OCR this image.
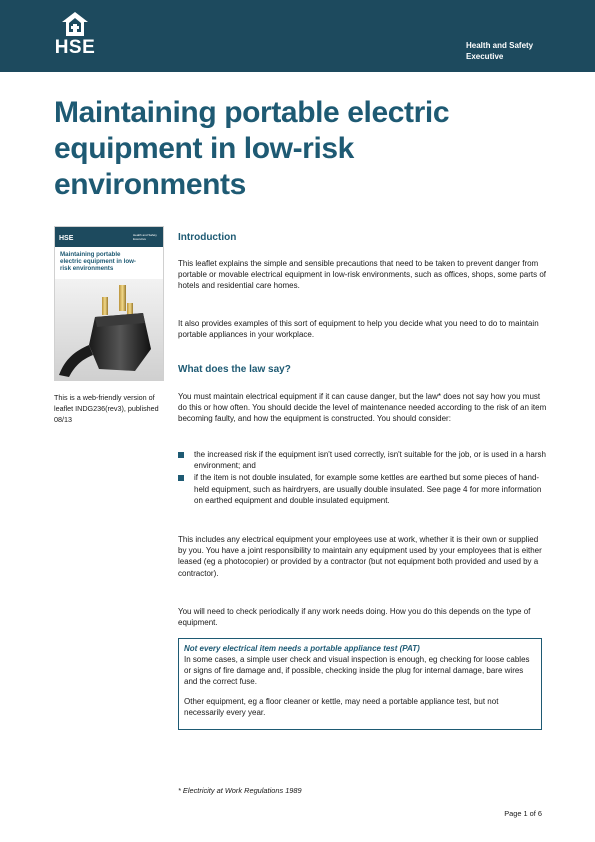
HSE	Health and Safety
Executive
Maintaining portable electric
equipment in low-risk
environments
HSE	Health and Safety Executive
Maintaining portable electric equipment in low-risk environments
This is a web-friendly version of leaflet INDG236(rev3), published 08/13
Introduction

This leaflet explains the simple and sensible precautions that need to be taken to prevent danger from portable or movable electrical equipment in low-risk environments, such as offices, shops, some parts of hotels and residential care homes.

It also provides examples of this sort of equipment to help you decide what you need to do to maintain portable appliances in your workplace.

What does the law say?

You must maintain electrical equipment if it can cause danger, but the law* does not say how you must do this or how often. You should decide the level of maintenance needed according to the risk of an item becoming faulty, and how the equipment is constructed. You should consider:

the increased risk if the equipment isn't used correctly, isn't suitable for the job, or is used in a harsh environment; and
if the item is not double insulated, for example some kettles are earthed but some pieces of hand-held equipment, such as hairdryers, are usually double insulated. See page 4 for more information on earthed equipment and double insulated equipment.

This includes any electrical equipment your employees use at work, whether it is their own or supplied by you. You have a joint responsibility to maintain any equipment used by your employees that is either leased (eg a photocopier) or provided by a contractor (but not equipment both provided and used by a contractor).

You will need to check periodically if any work needs doing. How you do this depends on the type of equipment.

Not every electrical item needs a portable appliance test (PAT)
In some cases, a simple user check and visual inspection is enough, eg checking for loose cables or signs of fire damage and, if possible, checking inside the plug for internal damage, bare wires and the correct fuse.
Other equipment, eg a floor cleaner or kettle, may need a portable appliance test, but not necessarily every year.
* Electricity at Work Regulations 1989
Page 1 of 6
